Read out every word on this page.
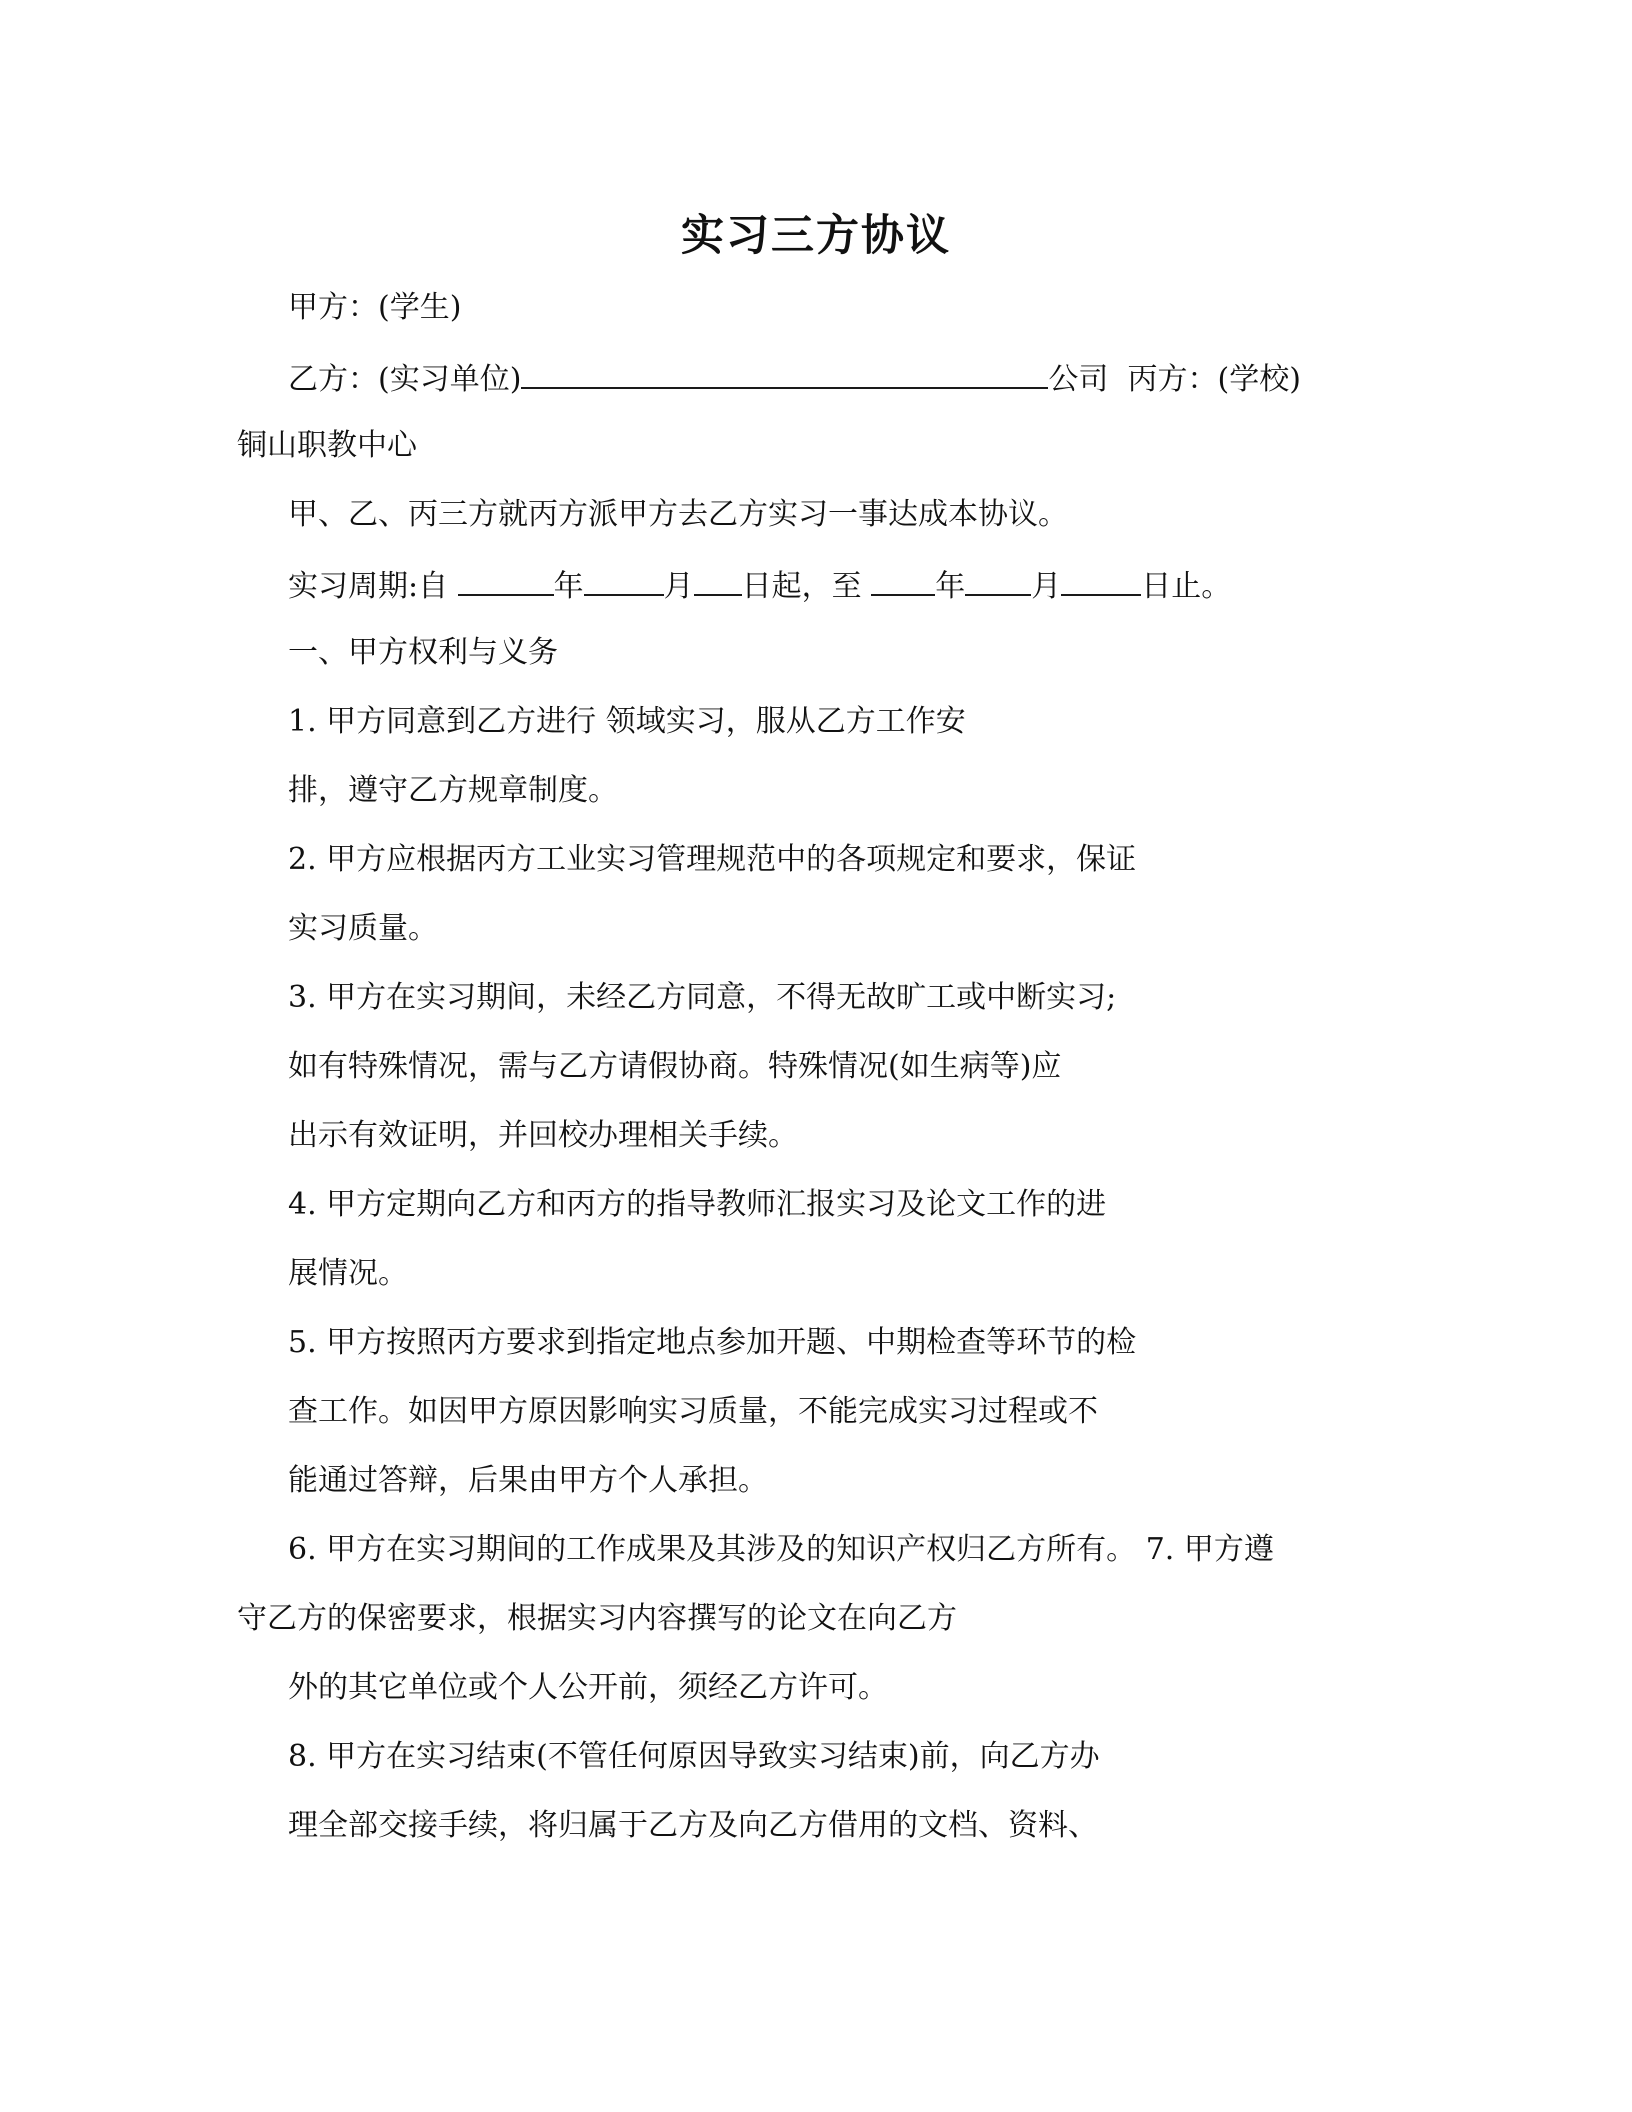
实习三方协议
甲方：(学生)
乙方：(实习单位)	公司 丙方：(学校)
铜山职教中心
甲、乙、丙三方就丙方派甲方去乙方实习一事达成本协议。
实习周期:自	年	月 日起，至 年 月	日止。
一、甲方权利与义务
1. 甲方同意到乙方进行 领域实习，服从乙方工作安
排，遵守乙方规章制度。
2. 甲方应根据丙方工业实习管理规范中的各项规定和要求，保证
实习质量。
3. 甲方在实习期间，未经乙方同意，不得无故旷工或中断实习;
如有特殊情况，需与乙方请假协商。特殊情况(如生病等)应
出示有效证明，并回校办理相关手续。
4. 甲方定期向乙方和丙方的指导教师汇报实习及论文工作的进
展情况。
5. 甲方按照丙方要求到指定地点参加开题、中期检查等环节的检
查工作。如因甲方原因影响实习质量，不能完成实习过程或不
能通过答辩，后果由甲方个人承担。
6. 甲方在实习期间的工作成果及其涉及的知识产权归乙方所有。 7. 甲方遵
守乙方的保密要求，根据实习内容撰写的论文在向乙方
外的其它单位或个人公开前，须经乙方许可。
8. 甲方在实习结束(不管任何原因导致实习结束)前，向乙方办
理全部交接手续，将归属于乙方及向乙方借用的文档、资料、
